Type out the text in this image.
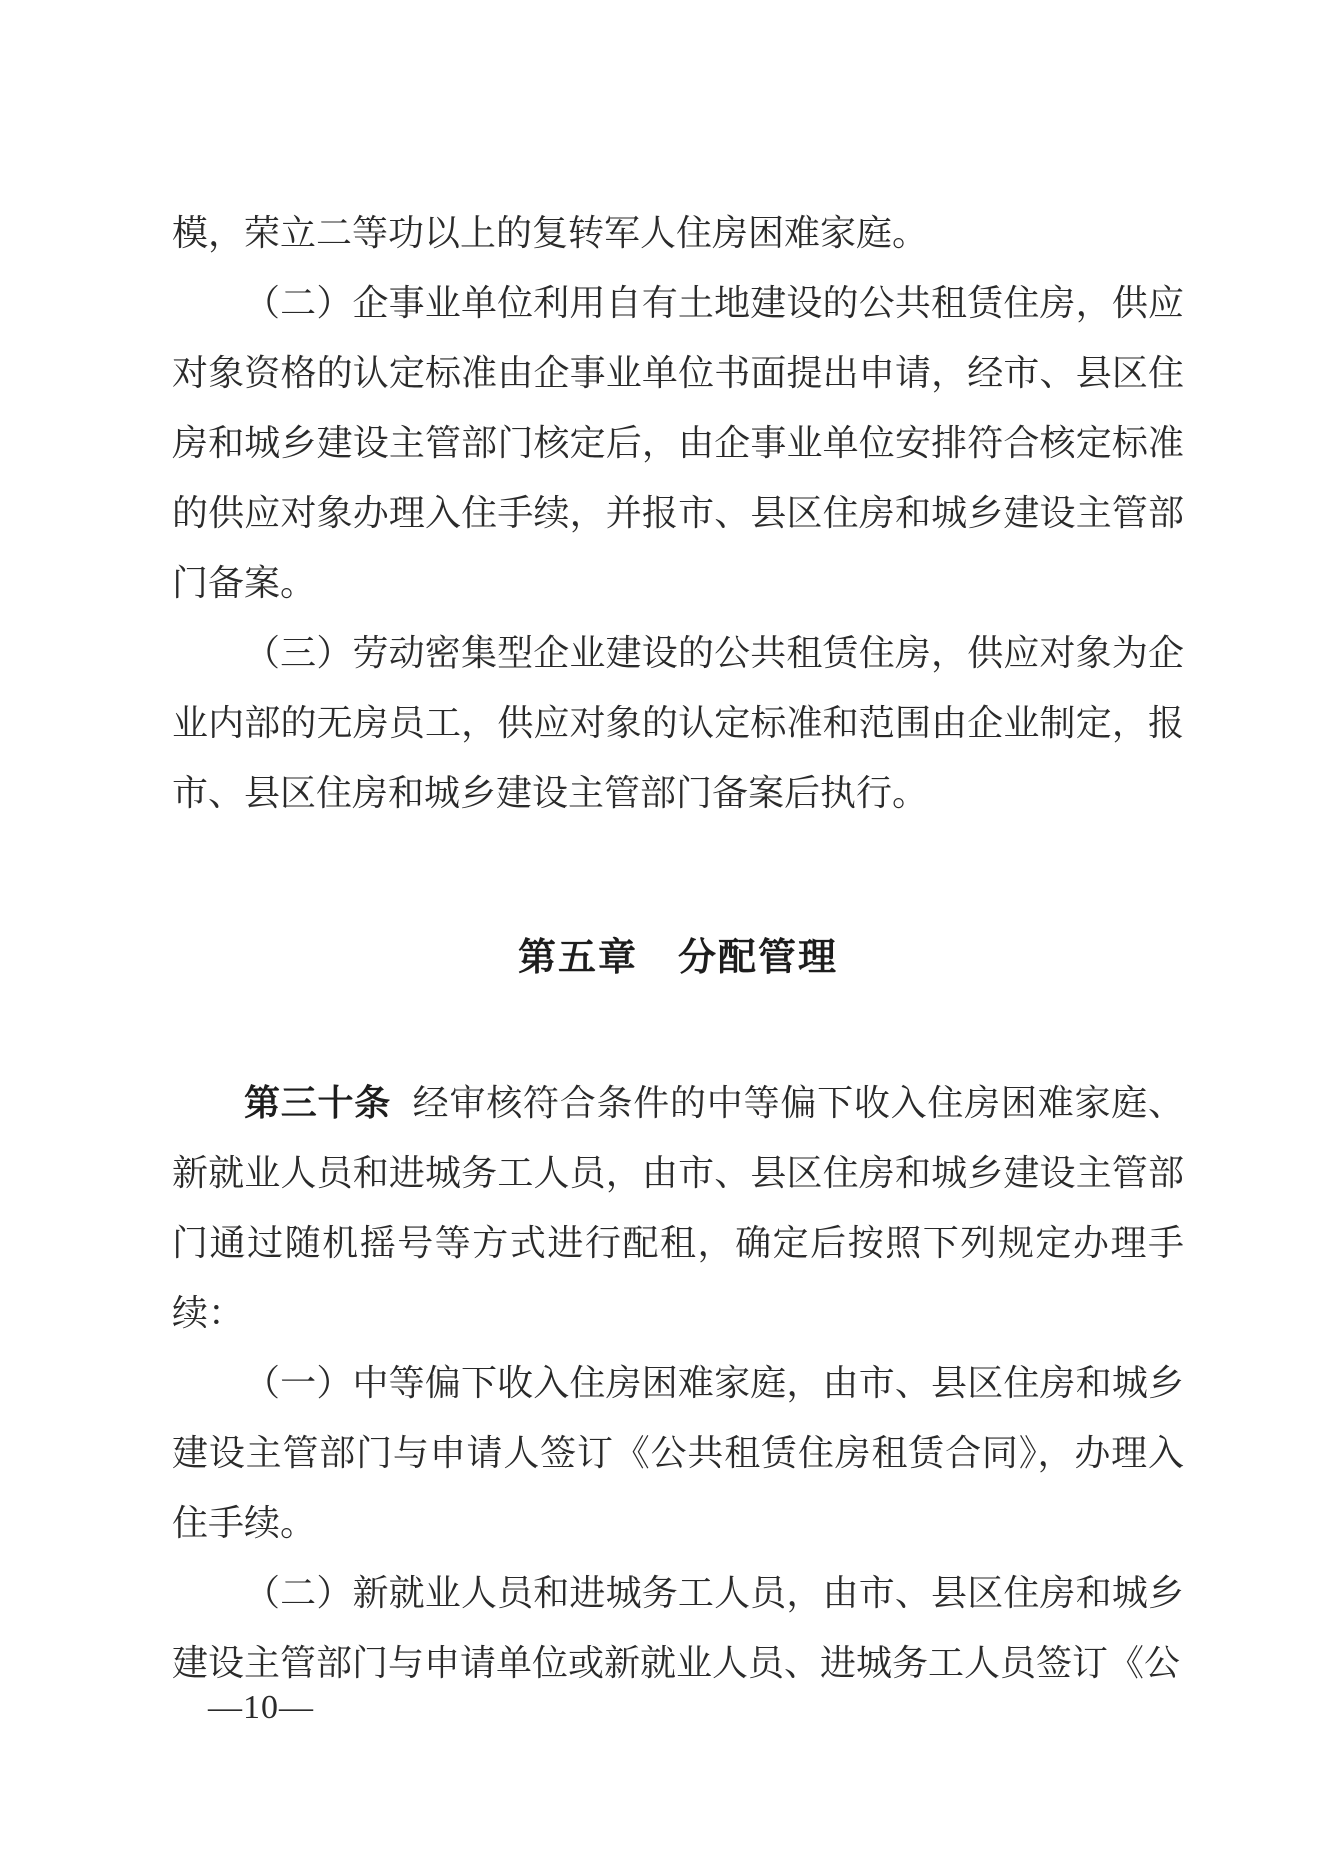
模，荣立二等功以上的复转军人住房困难家庭。

（二）企事业单位利用自有土地建设的公共租赁住房，供应对象资格的认定标准由企事业单位书面提出申请，经市、县区住房和城乡建设主管部门核定后，由企事业单位安排符合核定标准的供应对象办理入住手续，并报市、县区住房和城乡建设主管部门备案。

（三）劳动密集型企业建设的公共租赁住房，供应对象为企业内部的无房员工，供应对象的认定标准和范围由企业制定，报市、县区住房和城乡建设主管部门备案后执行。

第五章　分配管理

第三十条 经审核符合条件的中等偏下收入住房困难家庭、新就业人员和进城务工人员，由市、县区住房和城乡建设主管部门通过随机摇号等方式进行配租，确定后按照下列规定办理手续：

（一）中等偏下收入住房困难家庭，由市、县区住房和城乡建设主管部门与申请人签订《公共租赁住房租赁合同》，办理入住手续。

（二）新就业人员和进城务工人员，由市、县区住房和城乡建设主管部门与申请单位或新就业人员、进城务工人员签订《公

—10—
